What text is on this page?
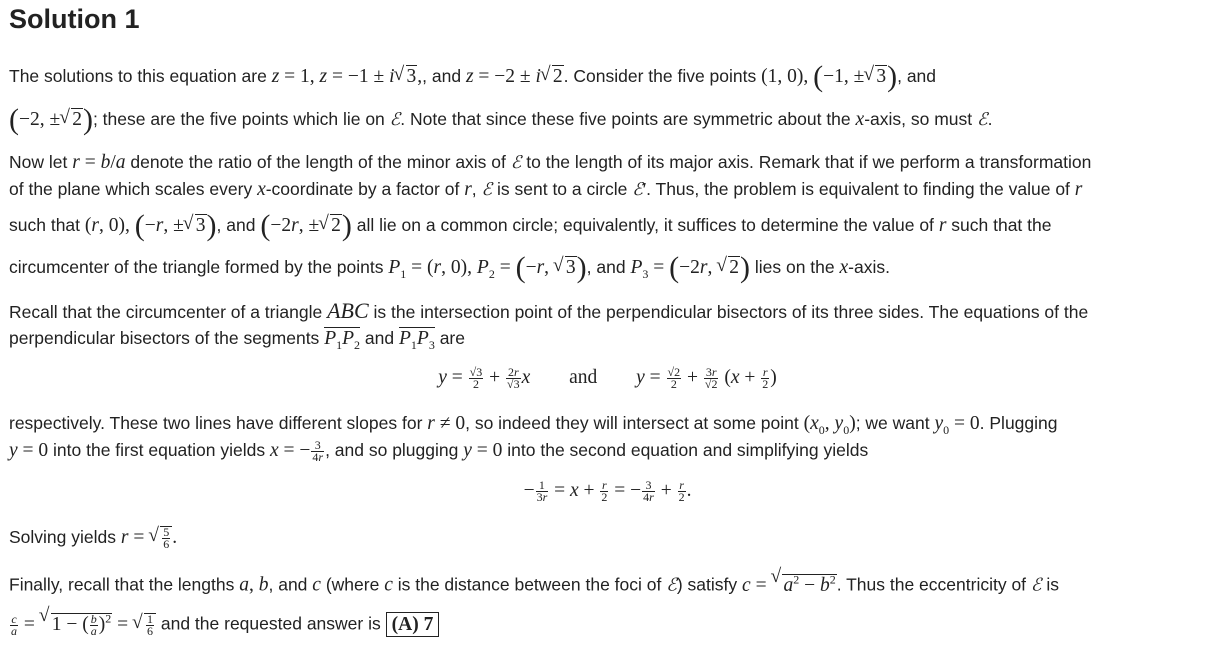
Solution 1
The solutions to this equation are z = 1, z = −1 ± i √ 3,, and z = −2 ± i √ 2. Consider the five points (1, 0), (−1, ± √ 3), and
(−2, ± √ 2); these are the five points which lie on ℰ. Note that since these five points are symmetric about the x-axis, so must ℰ.
Now let r = b/a denote the ratio of the length of the minor axis of ℰ to the length of its major axis. Remark that if we perform a transformation
of the plane which scales every x-coordinate by a factor of r, ℰ is sent to a circle ℰ′. Thus, the problem is equivalent to finding the value of r
such that (r, 0), (−r, ± √ 3), and (−2r, ± √ 2) all lie on a common circle; equivalently, it suffices to determine the value of r such that the
circumcenter of the triangle formed by the points $P_1 = (r$, 0), $P_2 = (-r$, √ 3), and $P_3 = (-2r$, √ 2) lies on the x-axis.
Recall that the circumcenter of a triangle ABC is the intersection point of the perpendicular bisectors of its three sides. The equations of the
perpendicular bisectors of the segments $P_1P_2$ and $P_1P_3$ are
$y = \frac{√3}{2} + \frac{2r}{√3}$ x and $y = \frac{√2}{2} + \frac{3r}{√2} (x + \frac{r}{2}$ )
respectively. These two lines have different slopes for r ≠ 0, so indeed they will intersect at some point ($x_0$, $y_0$); we want $y_0 = 0$. Plugging
y = 0 into the first equation yields x = − $\frac{3}{4r}$ , and so plugging y = 0 into the second equation and simplifying yields
− $\frac{1}{3r} = x + \frac{r}{2}$ = − $\frac{3}{4r} + \frac{r}{2}$ .
Solving yields r = √ $\frac{5}{6}$ .
Finally, recall that the lengths a, b, and c (where c is the distance between the foci of ℰ) satisfy c = √ $a^2 - b^2$. Thus the eccentricity of ℰ is
$\frac{c}{a}$ = √ 1 − ( $\frac{b}{a} )^2$ = √ $\frac{1}{6}$ and the requested answer is (A) 7
